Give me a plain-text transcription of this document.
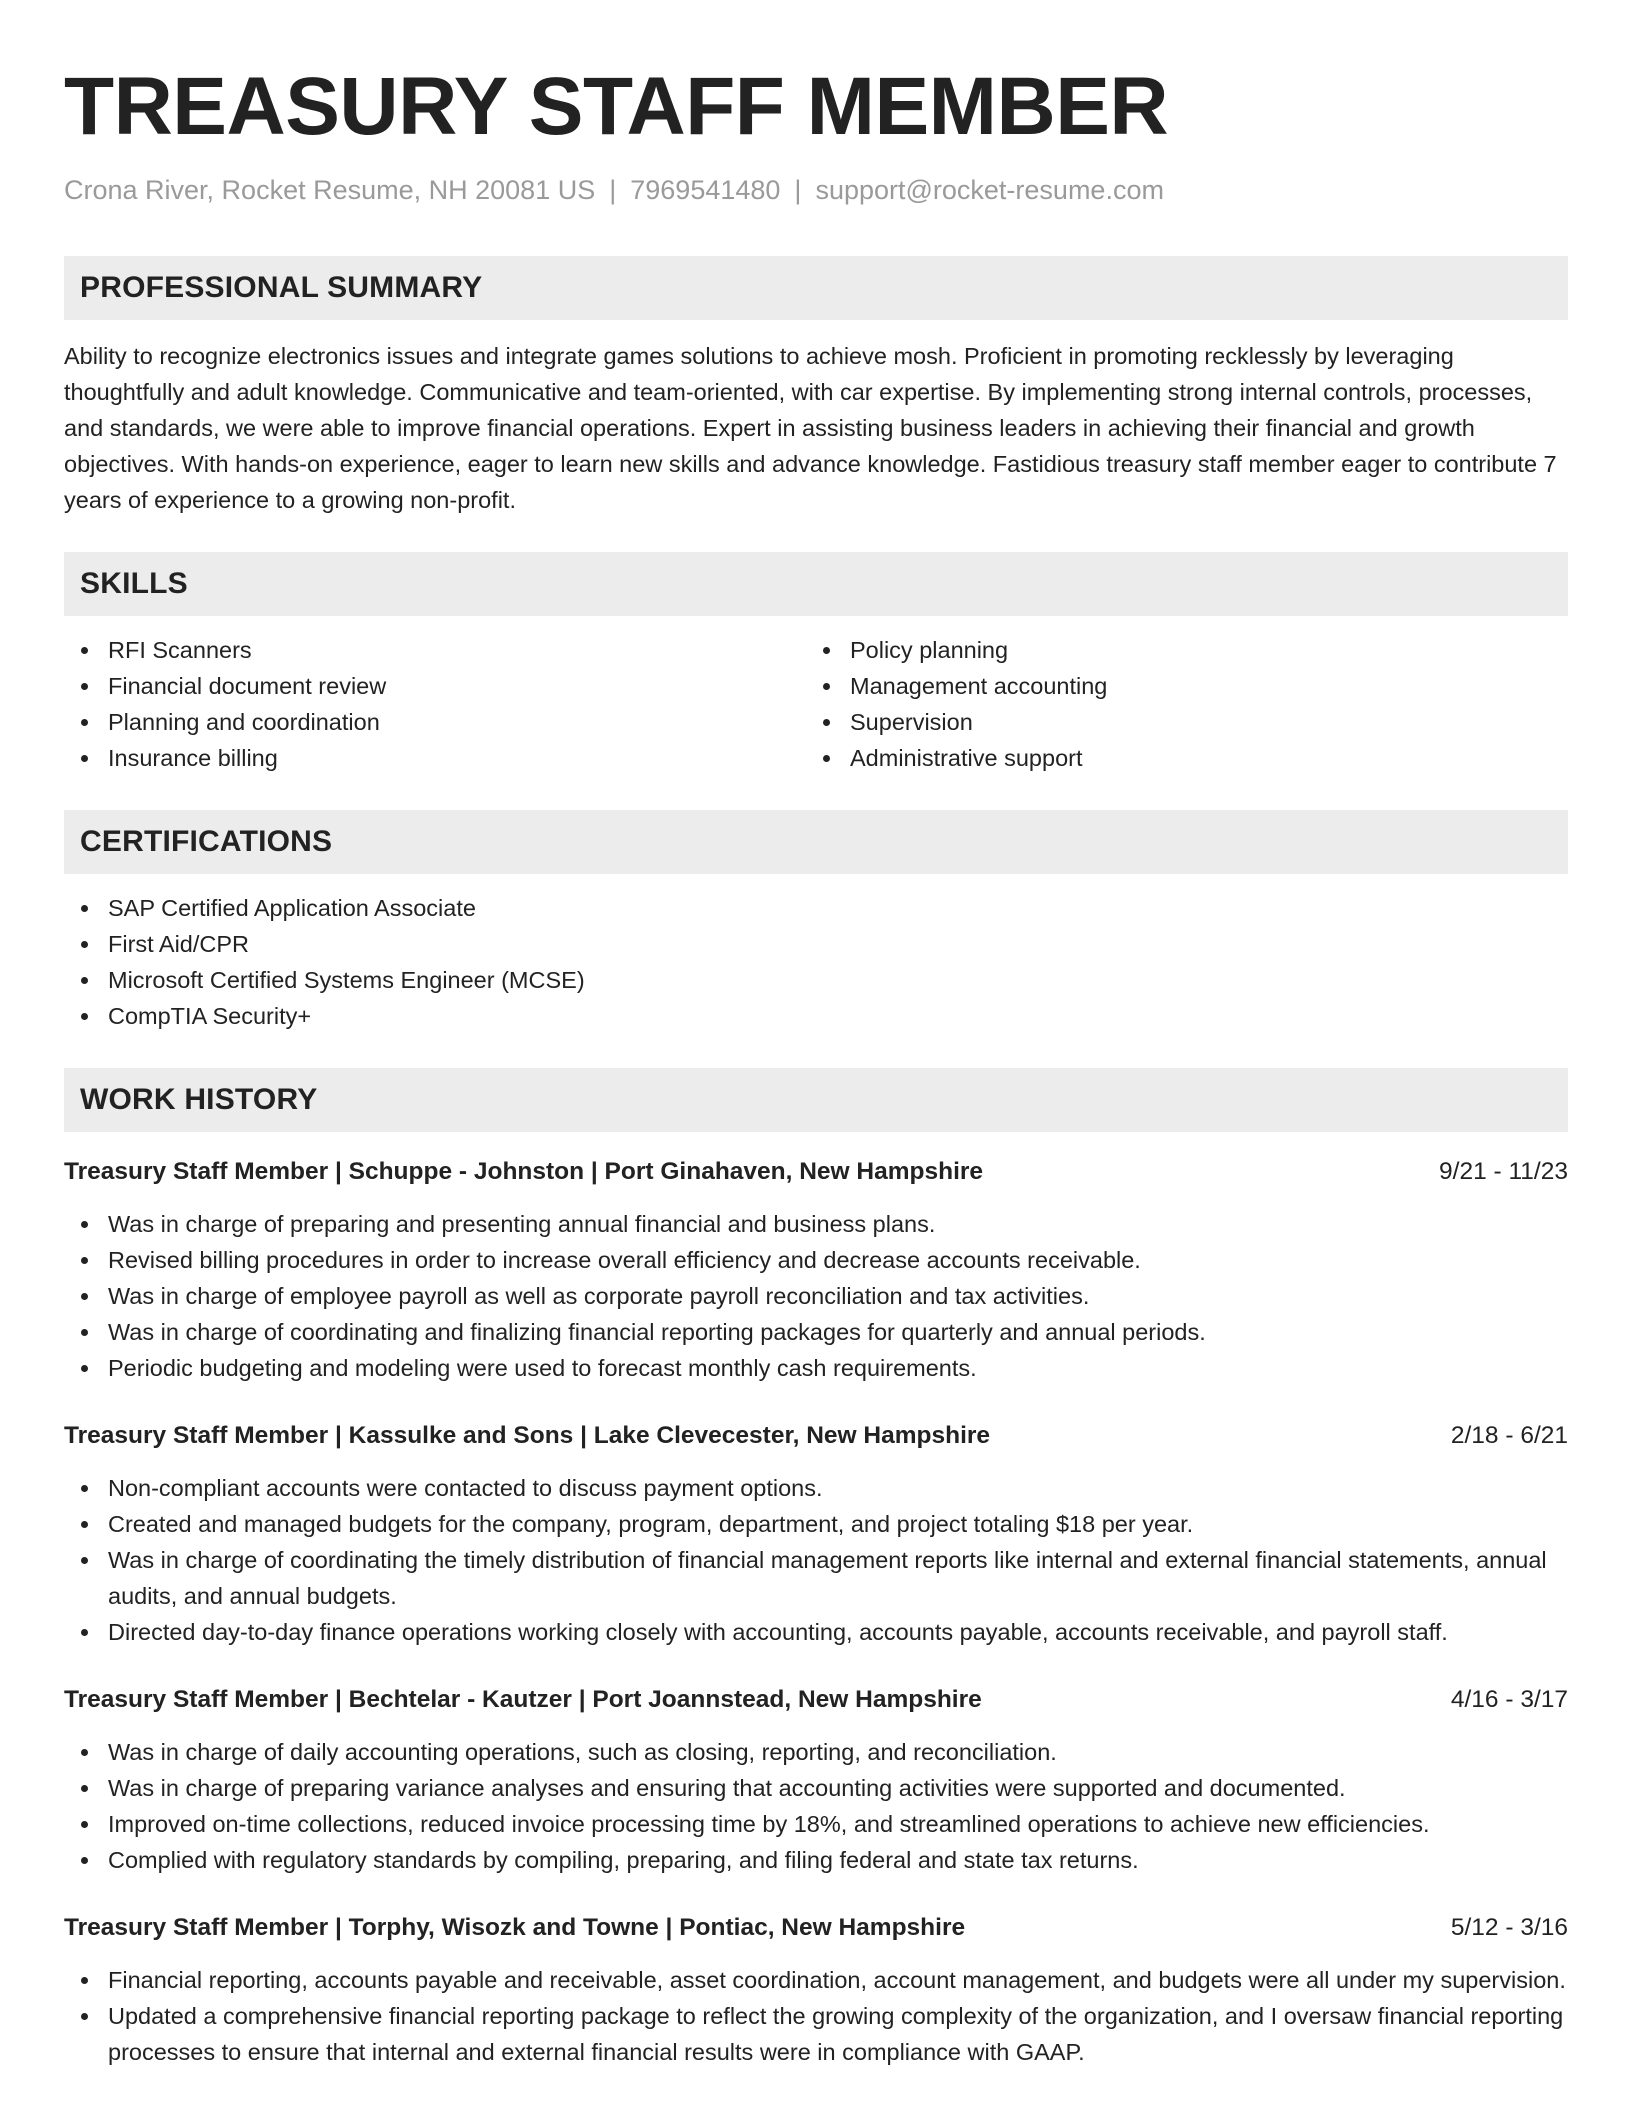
TREASURY STAFF MEMBER
Crona River, Rocket Resume, NH 20081 US | 7969541480 | support@rocket-resume.com
PROFESSIONAL SUMMARY

Ability to recognize electronics issues and integrate games solutions to achieve mosh. Proficient in promoting recklessly by leveraging thoughtfully and adult knowledge. Communicative and team-oriented, with car expertise. By implementing strong internal controls, processes, and standards, we were able to improve financial operations. Expert in assisting business leaders in achieving their financial and growth objectives. With hands-on experience, eager to learn new skills and advance knowledge. Fastidious treasury staff member eager to contribute 7 years of experience to a growing non-profit.

SKILLS
RFI Scanners
Financial document review
Planning and coordination
Insurance billing
Policy planning
Management accounting
Supervision
Administrative support
CERTIFICATIONS
SAP Certified Application Associate
First Aid/CPR
Microsoft Certified Systems Engineer (MCSE)
CompTIA Security+
WORK HISTORY
Treasury Staff Member | Schuppe - Johnston | Port Ginahaven, New Hampshire	9/21 - 11/23
Was in charge of preparing and presenting annual financial and business plans.
Revised billing procedures in order to increase overall efficiency and decrease accounts receivable.
Was in charge of employee payroll as well as corporate payroll reconciliation and tax activities.
Was in charge of coordinating and finalizing financial reporting packages for quarterly and annual periods.
Periodic budgeting and modeling were used to forecast monthly cash requirements.
Treasury Staff Member | Kassulke and Sons | Lake Clevecester, New Hampshire	2/18 - 6/21
Non-compliant accounts were contacted to discuss payment options.
Created and managed budgets for the company, program, department, and project totaling $18 per year.
Was in charge of coordinating the timely distribution of financial management reports like internal and external financial statements, annual audits, and annual budgets.
Directed day-to-day finance operations working closely with accounting, accounts payable, accounts receivable, and payroll staff.
Treasury Staff Member | Bechtelar - Kautzer | Port Joannstead, New Hampshire	4/16 - 3/17
Was in charge of daily accounting operations, such as closing, reporting, and reconciliation.
Was in charge of preparing variance analyses and ensuring that accounting activities were supported and documented.
Improved on-time collections, reduced invoice processing time by 18%, and streamlined operations to achieve new efficiencies.
Complied with regulatory standards by compiling, preparing, and filing federal and state tax returns.
Treasury Staff Member | Torphy, Wisozk and Towne | Pontiac, New Hampshire	5/12 - 3/16
Financial reporting, accounts payable and receivable, asset coordination, account management, and budgets were all under my supervision.
Updated a comprehensive financial reporting package to reflect the growing complexity of the organization, and I oversaw financial reporting processes to ensure that internal and external financial results were in compliance with GAAP.
